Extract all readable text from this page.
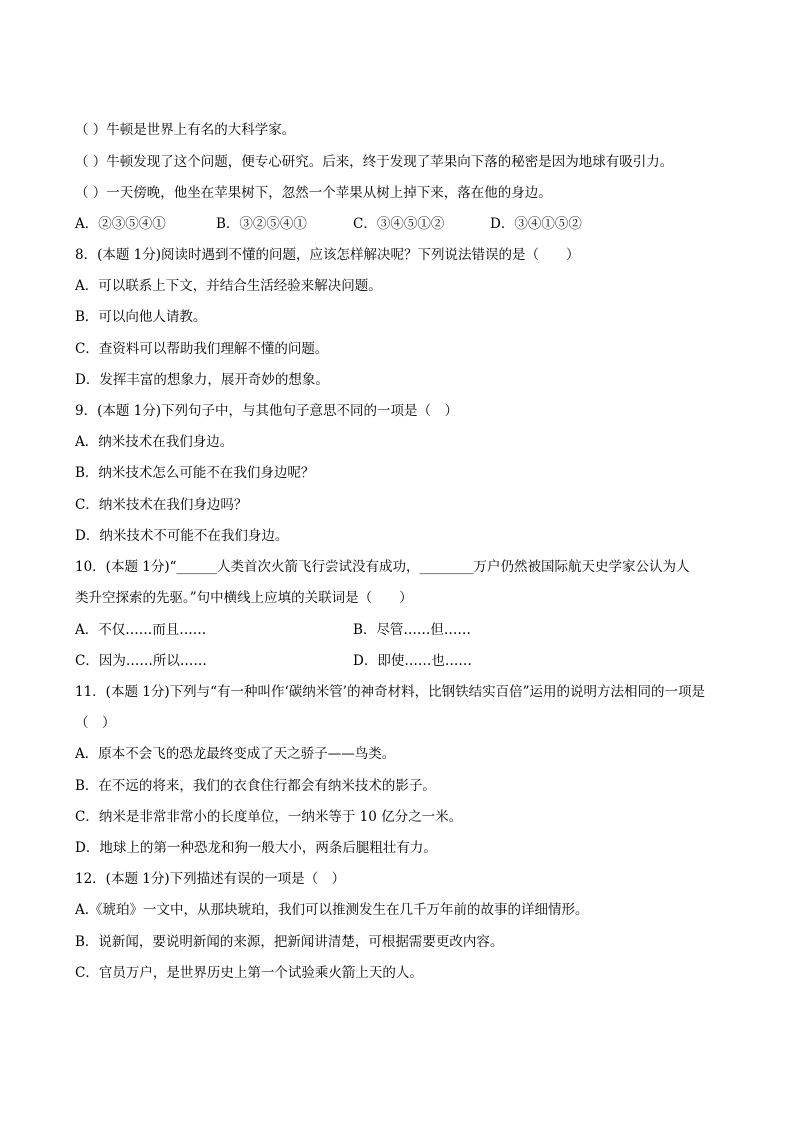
（ ）牛顿是世界上有名的大科学家。
（ ）牛顿发现了这个问题，便专心研究。后来，终于发现了苹果向下落的秘密是因为地球有吸引力。
（ ）一天傍晚，他坐在苹果树下，忽然一个苹果从树上掉下来，落在他的身边。
A．②③⑤④①	B．③②⑤④①	C．③④⑤①②	D．③④①⑤②
8．(本题 1分)阅读时遇到不懂的问题，应该怎样解决呢？下列说法错误的是（　　）
A．可以联系上下文，并结合生活经验来解决问题。
B．可以向他人请教。
C．查资料可以帮助我们理解不懂的问题。
D．发挥丰富的想象力，展开奇妙的想象。
9．(本题 1分)下列句子中，与其他句子意思不同的一项是（　）
A．纳米技术在我们身边。
B．纳米技术怎么可能不在我们身边呢？
C．纳米技术在我们身边吗？
D．纳米技术不可能不在我们身边。
10．(本题 1分)“______人类首次火箭飞行尝试没有成功，________万户仍然被国际航天史学家公认为人
类升空探索的先驱。”句中横线上应填的关联词是（　　）
A．不仅……而且……	B．尽管……但……
C．因为……所以……	D．即使……也……
11．(本题 1分)下列与“有一种叫作‘碳纳米管’的神奇材料，比钢铁结实百倍”运用的说明方法相同的一项是
（　）
A．原本不会飞的恐龙最终变成了天之骄子——鸟类。
B．在不远的将来，我们的衣食住行都会有纳米技术的影子。
C．纳米是非常非常小的长度单位，一纳米等于 10 亿分之一米。
D．地球上的第一种恐龙和狗一般大小，两条后腿粗壮有力。
12．(本题 1分)下列描述有误的一项是（　）
A.《琥珀》一文中，从那块琥珀，我们可以推测发生在几千万年前的故事的详细情形。
B．说新闻，要说明新闻的来源，把新闻讲清楚，可根据需要更改内容。
C．官员万户，是世界历史上第一个试验乘火箭上天的人。
